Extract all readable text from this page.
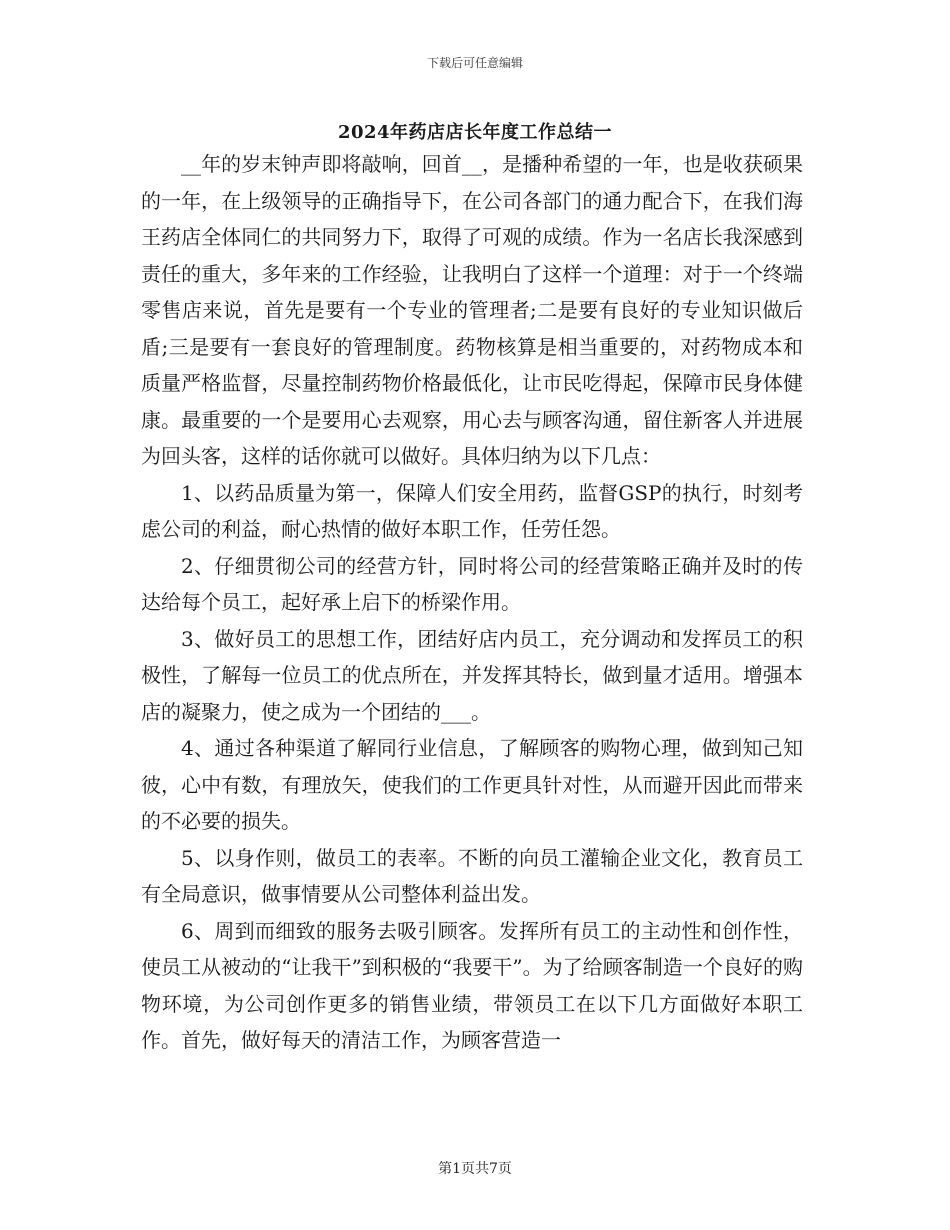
下载后可任意编辑
2024年药店店长年度工作总结一

__年的岁末钟声即将敲响，回首__，是播种希望的一年，也是收获硕果的一年，在上级领导的正确指导下，在公司各部门的通力配合下，在我们海王药店全体同仁的共同努力下，取得了可观的成绩。作为一名店长我深感到责任的重大，多年来的工作经验，让我明白了这样一个道理：对于一个终端零售店来说，首先是要有一个专业的管理者;二是要有良好的专业知识做后盾;三是要有一套良好的管理制度。药物核算是相当重要的，对药物成本和质量严格监督，尽量控制药物价格最低化，让市民吃得起，保障市民身体健康。最重要的一个是要用心去观察，用心去与顾客沟通，留住新客人并进展为回头客，这样的话你就可以做好。具体归纳为以下几点：

1、以药品质量为第一，保障人们安全用药，监督GSP的执行，时刻考虑公司的利益，耐心热情的做好本职工作，任劳任怨。

2、仔细贯彻公司的经营方针，同时将公司的经营策略正确并及时的传达给每个员工，起好承上启下的桥梁作用。

3、做好员工的思想工作，团结好店内员工，充分调动和发挥员工的积极性，了解每一位员工的优点所在，并发挥其特长，做到量才适用。增强本店的凝聚力，使之成为一个团结的___。

4、通过各种渠道了解同行业信息，了解顾客的购物心理，做到知己知彼，心中有数，有理放矢，使我们的工作更具针对性，从而避开因此而带来的不必要的损失。

5、以身作则，做员工的表率。不断的向员工灌输企业文化，教育员工有全局意识，做事情要从公司整体利益出发。

6、周到而细致的服务去吸引顾客。发挥所有员工的主动性和创作性，使员工从被动的“让我干”到积极的“我要干”。为了给顾客制造一个良好的购物环境，为公司创作更多的销售业绩，带领员工在以下几方面做好本职工作。首先，做好每天的清洁工作，为顾客营造一

第1页共7页
